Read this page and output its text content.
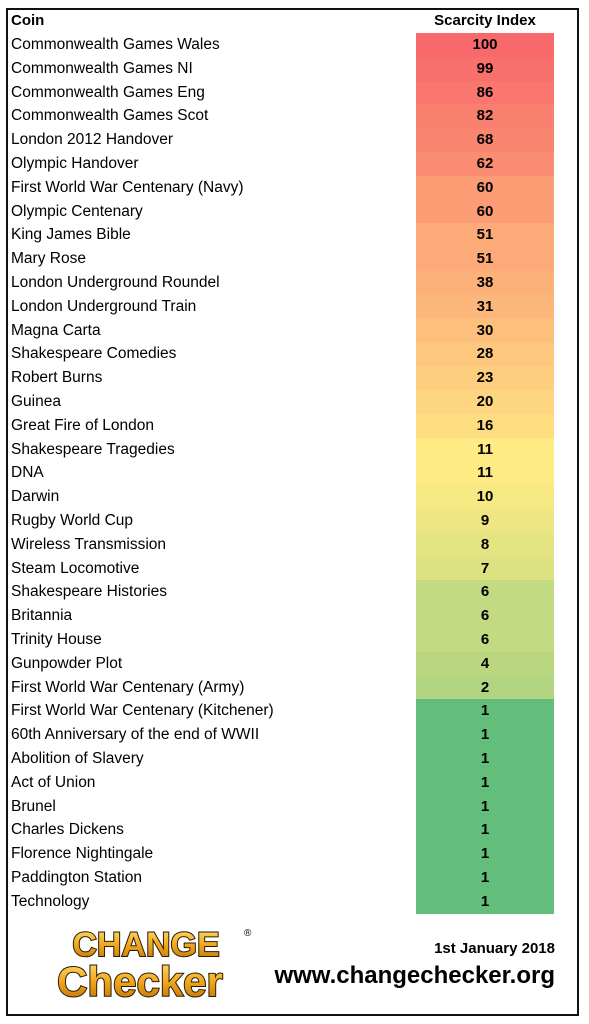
Coin	Scarcity Index
Commonwealth Games Wales	100
Commonwealth Games NI	99
Commonwealth Games Eng	86
Commonwealth Games Scot	82
London 2012 Handover	68
Olympic Handover	62
First World War Centenary (Navy)	60
Olympic Centenary	60
King James Bible	51
Mary Rose	51
London Underground Roundel	38
London Underground Train	31
Magna Carta	30
Shakespeare Comedies	28
Robert Burns	23
Guinea	20
Great Fire of London	16
Shakespeare Tragedies	11
DNA	11
Darwin	10
Rugby World Cup	9
Wireless Transmission	8
Steam Locomotive	7
Shakespeare Histories	6
Britannia	6
Trinity House	6
Gunpowder Plot	4
First World War Centenary (Army)	2
First World War Centenary (Kitchener)	1
60th Anniversary of the end of WWII	1
Abolition of Slavery	1
Act of Union	1
Brunel	1
Charles Dickens	1
Florence Nightingale	1
Paddington Station	1
Technology	1
CHANGE ®
Checker
1st January 2018
www.changechecker.org
